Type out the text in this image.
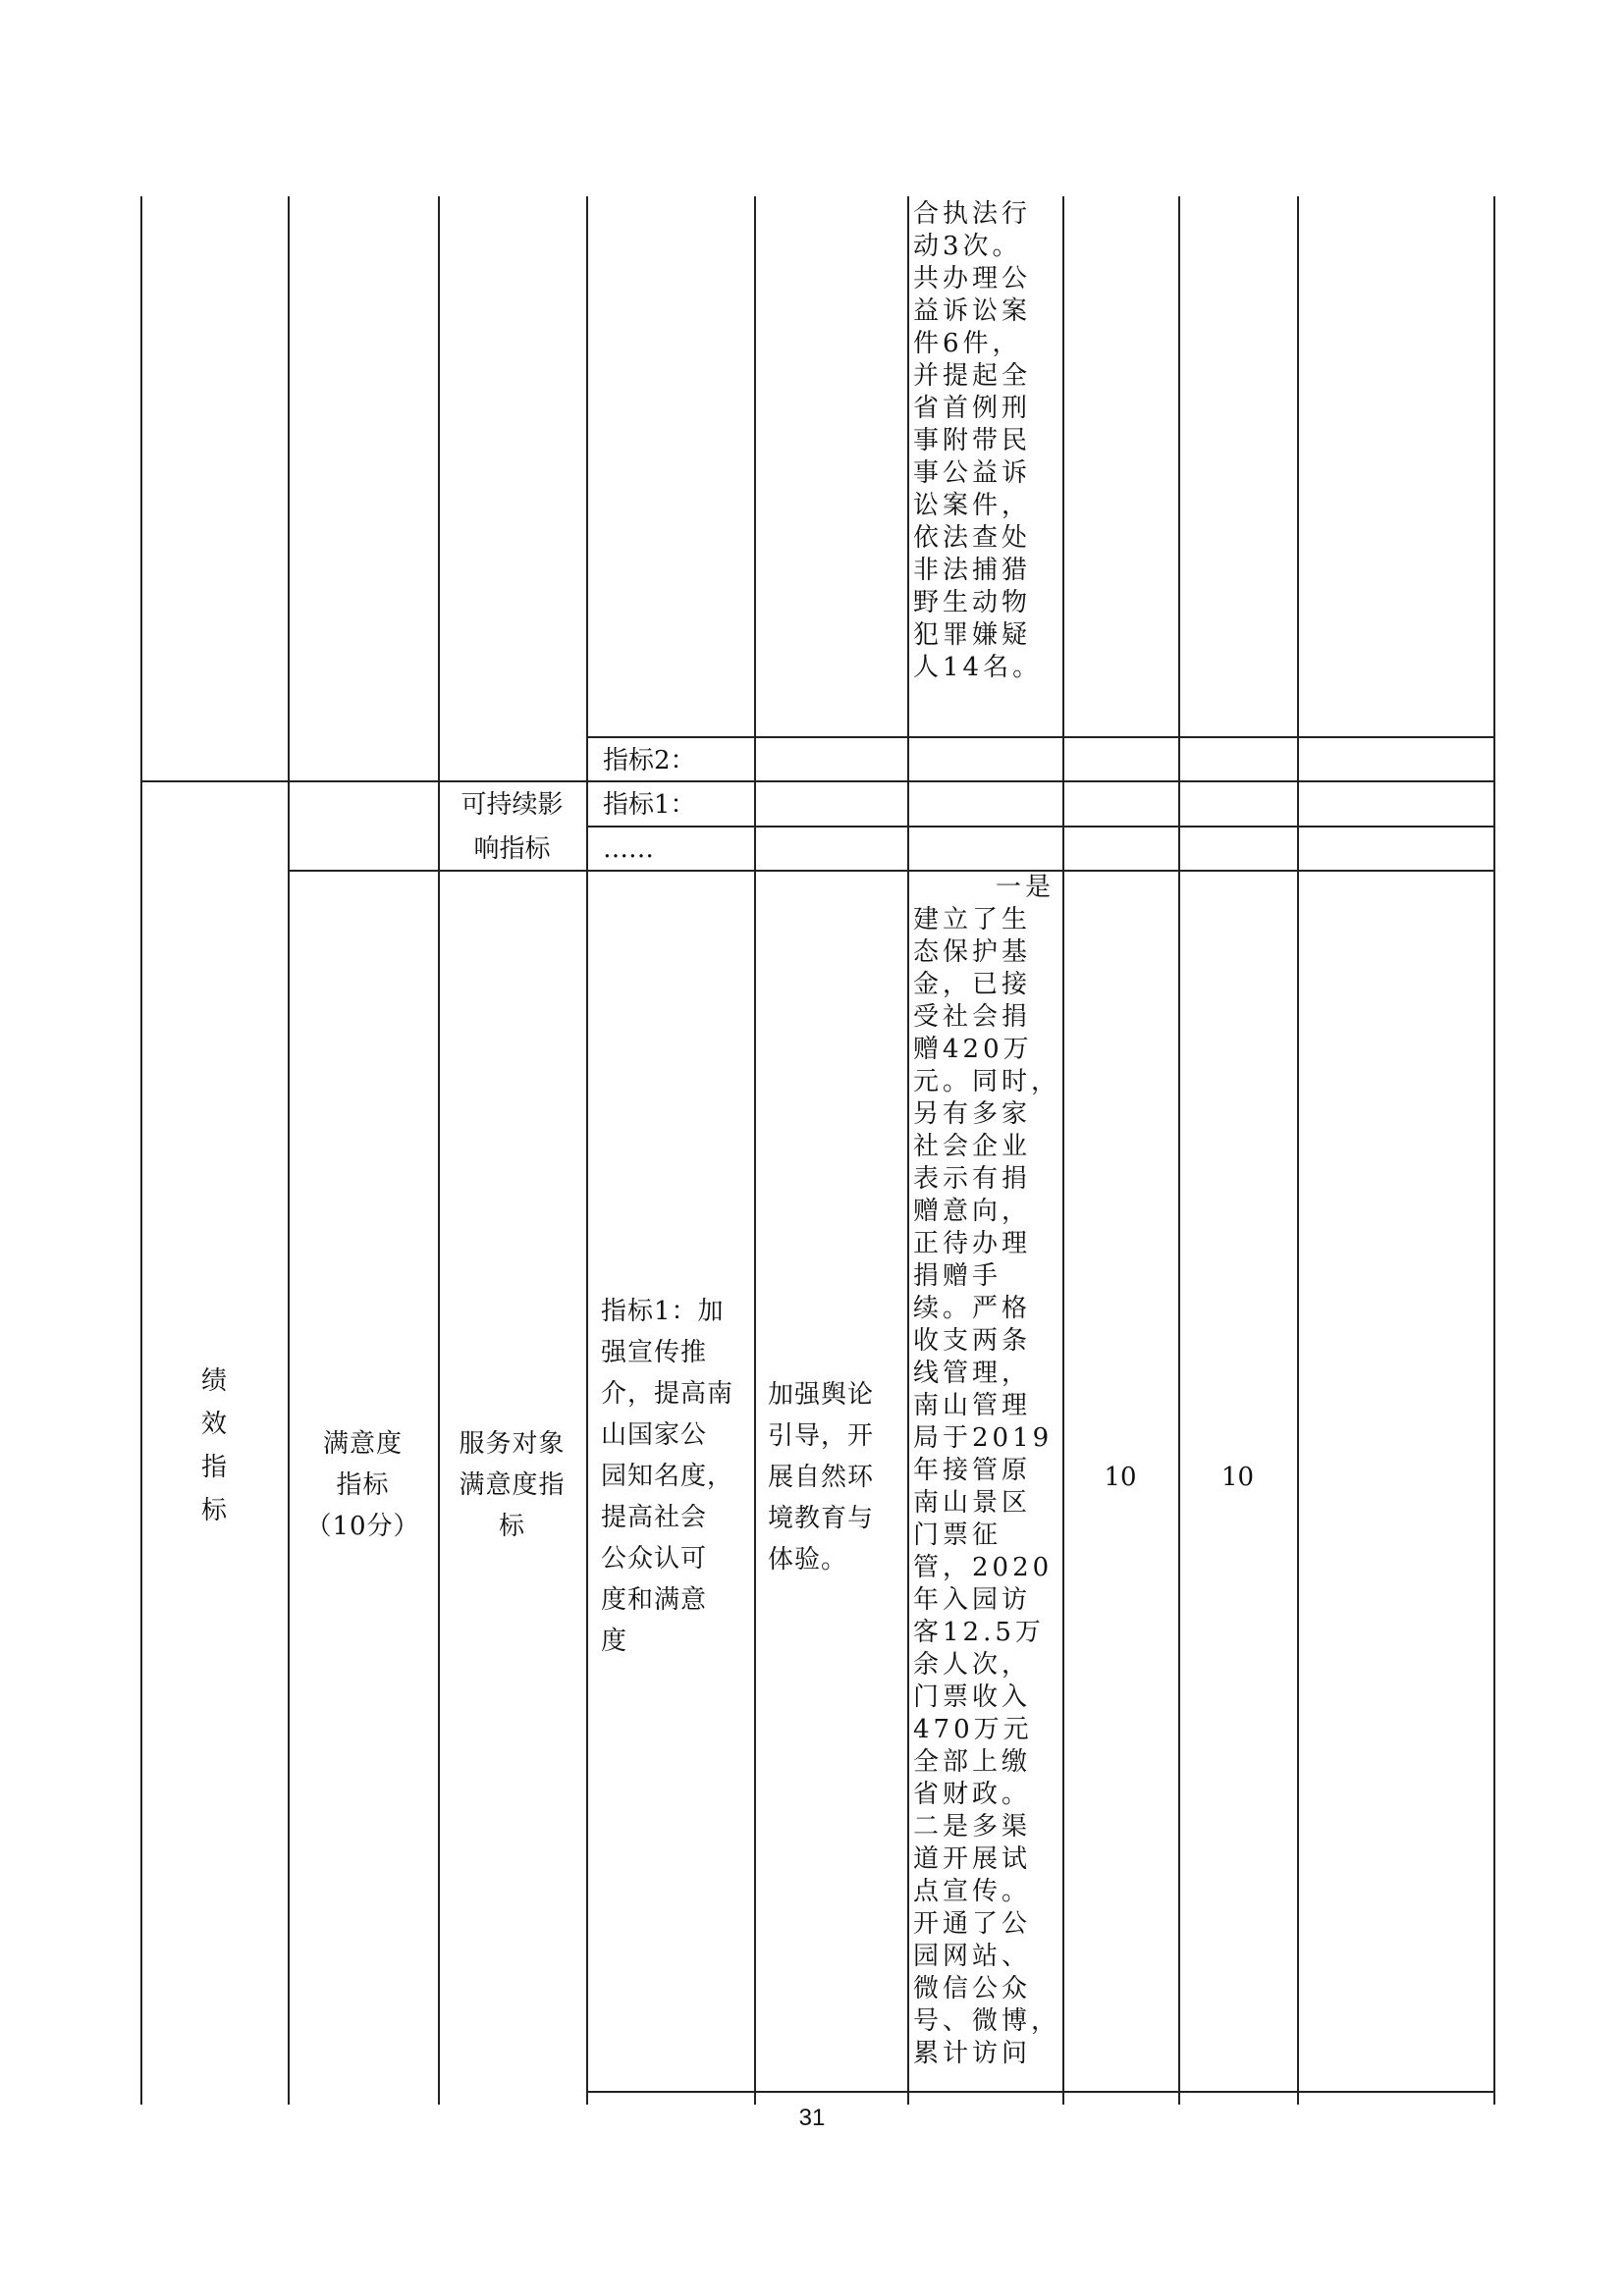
合执法行
动3次。
共办理公
益诉讼案
件6件，
并提起全
省首例刑
事附带民
事公益诉
讼案件，
依法查处
非法捕猎
野生动物
犯罪嫌疑
人14名。
指标2：
可持续影
响指标
指标1：
……
绩
效
指
标
满意度
指标
（10分）
服务对象
满意度指
标
指标1：加
强宣传推
介，提高南
山国家公
园知名度，
提高社会
公众认可
度和满意
度
加强舆论
引导，开
展自然环
境教育与
体验。
一是
建立了生
态保护基
金，已接
受社会捐
赠420万
元。同时，
另有多家
社会企业
表示有捐
赠意向，
正待办理
捐赠手
续。严格
收支两条
线管理，
南山管理
局于2019
年接管原
南山景区
门票征
管，2020
年入园访
客12.5万
余人次，
门票收入
470万元
全部上缴
省财政。
二是多渠
道开展试
点宣传。
开通了公
园网站、
微信公众
号、微博，
累计访问
10	10
31
